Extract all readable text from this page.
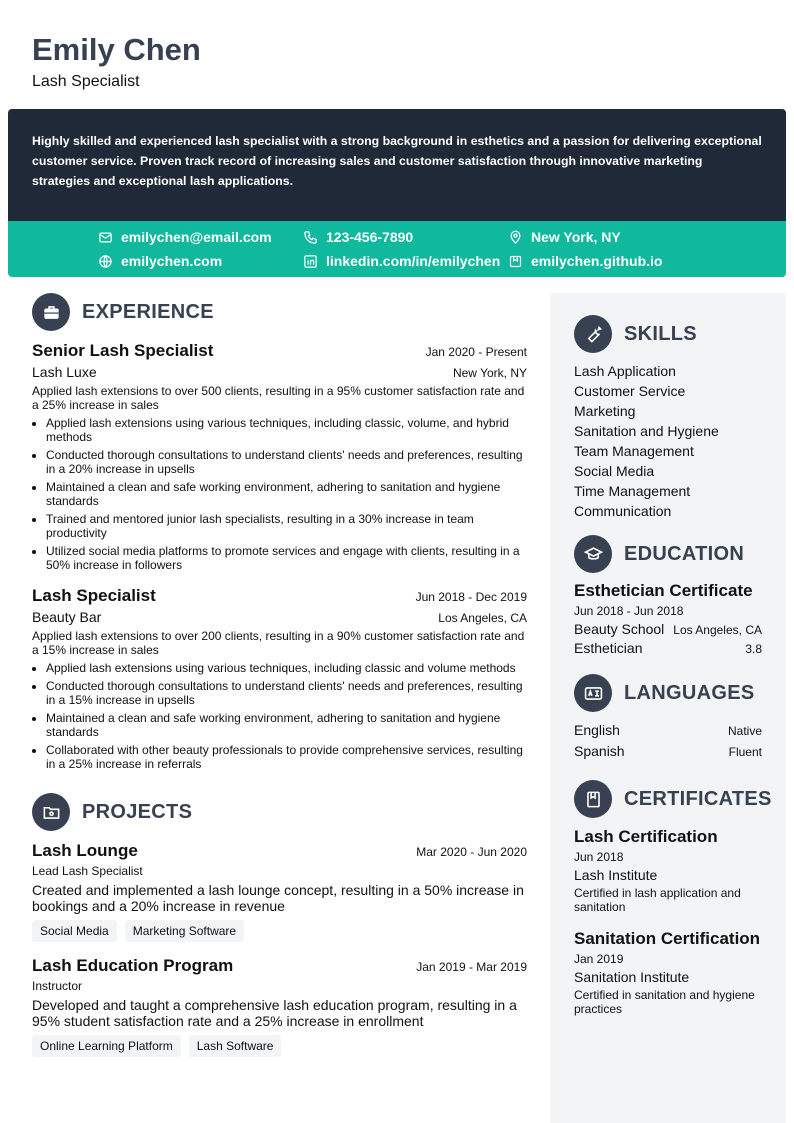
Emily Chen
Lash Specialist
Highly skilled and experienced lash specialist with a strong background in esthetics and a passion for delivering exceptional customer service. Proven track record of increasing sales and customer satisfaction through innovative marketing strategies and exceptional lash applications.
emilychen@email.com	123-456-7890	New York, NY
emilychen.com	linkedin.com/in/emilychen emilychen.github.io
EXPERIENCE
Senior Lash Specialist	Jan 2020 - Present
Lash Luxe	New York, NY
Applied lash extensions to over 500 clients, resulting in a 95% customer satisfaction rate and a 25% increase in sales
• Applied lash extensions using various techniques, including classic, volume, and hybrid methods
• Conducted thorough consultations to understand clients' needs and preferences, resulting in a 20% increase in upsells
• Maintained a clean and safe working environment, adhering to sanitation and hygiene standards
• Trained and mentored junior lash specialists, resulting in a 30% increase in team productivity
• Utilized social media platforms to promote services and engage with clients, resulting in a 50% increase in followers
Lash Specialist	Jun 2018 - Dec 2019
Beauty Bar	Los Angeles, CA
Applied lash extensions to over 200 clients, resulting in a 90% customer satisfaction rate and a 15% increase in sales
• Applied lash extensions using various techniques, including classic and volume methods
• Conducted thorough consultations to understand clients' needs and preferences, resulting in a 15% increase in upsells
• Maintained a clean and safe working environment, adhering to sanitation and hygiene standards
• Collaborated with other beauty professionals to provide comprehensive services, resulting in a 25% increase in referrals
PROJECTS
Lash Lounge	Mar 2020 - Jun 2020
Lead Lash Specialist
Created and implemented a lash lounge concept, resulting in a 50% increase in bookings and a 20% increase in revenue
Social Media	Marketing Software
Lash Education Program	Jan 2019 - Mar 2019
Instructor
Developed and taught a comprehensive lash education program, resulting in a 95% student satisfaction rate and a 25% increase in enrollment
Online Learning Platform	Lash Software
SKILLS
Lash Application
Customer Service
Marketing
Sanitation and Hygiene
Team Management
Social Media
Time Management
Communication
EDUCATION
Esthetician Certificate
Jun 2018 - Jun 2018
Beauty School Los Angeles, CA
Esthetician	3.8
LANGUAGES
English	Native
Spanish	Fluent
CERTIFICATES
Lash Certification
Jun 2018
Lash Institute
Certified in lash application and sanitation
Sanitation Certification
Jan 2019
Sanitation Institute
Certified in sanitation and hygiene practices
